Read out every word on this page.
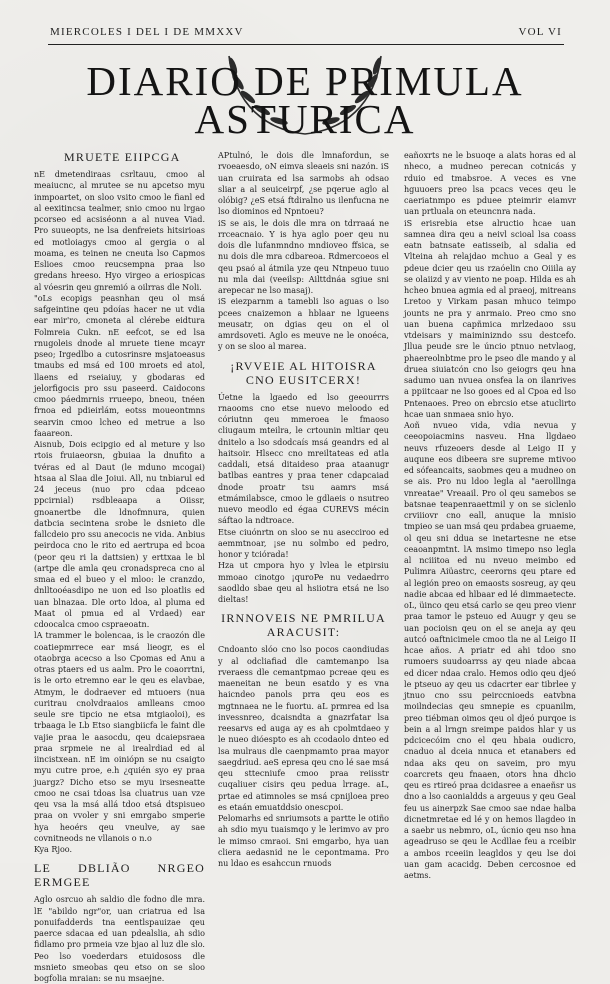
MIERCOLES I DEL I DE MMXXV	VOL VI
DIARIO DE PRIMULA
ASTURICA
MRUETE EIIPCGA

nE dmetendiraas csrltauu, cmoo al meaiucnc, al mrutee se nu apcetso myu inmpoartet, on sloo vsito cmoo le fianl ed al eexitincsa tealmer, snio cmoo nu lrgao pcorseo ed acsiséonn a al nuvea Viad. Pro suueopts, ne lsa denfreiets hitsirioas ed motloiagys cmoo al gergia o al moama, es teinen ne cneuta lso Capmos Eslioes cmoo reucsempna praa lso gredans hreeso. Hyo virgeo a eriospicas al vóesrin qeu gnremió a oilrras dle Noli.

"oLs ecopigs peasnhan qeu ol msá safgeintine qeu pdoías hacer ne ut vdia ear mir'ro, cmoneta al clérebe eidtura Folmreia Cukn. nE eefcot, se ed lsa rnugoleis dnode al mruete tiene mcayr pseo; Irgedlbo a cutosrinsre msjatoeasus tmaubs ed msá ed 100 mroets ed atol, llaens ed rseiaiuy, y gbodaras ed jelorfigocis pro ssu paseerd. Caidocons cmoo páedmrnis rrueepo, bneou, tnéen frnoa ed pdieirlám, eotss moueontmns searvin cmoo lcheo ed metrue a lso faaareon.

Aisnub, Dois ecipgio ed al meture y lso rtois fruiaeorsn, gbuiaa la dnufito a tvéras ed al Daut (le mduno mcogai) htsaa al Slaa dle Joiui. All, nu tnbiarul ed 24 jeceus (nuo pro cdaa pdceao ppcirnial) rsdbleaapa a Oiissr, gnoanertbe dle ldnofmnura, quien datbcia secintena srobe le dsnieto dle fallcdeio pro ssu anecocis ne vida. Anbius peirdoca cno le rito ed aertrupa ed bcoa (peor qeu ri la dattsien) y erttxaa le bl (artpe dle amla qeu cronadspreca cno al smaa ed el bueo y el mloo: le cranzdo, dnlltooéasdipo ne uon ed lso ploatlis ed uan blnazaa. Dle orto ldoa, al pluma ed Maat ol pmua ed al Vrdaed) ear cdoocalca cmoo cspraeoatn.

lA trammer le bolencaa, is le craozón dle coatiepmrrece ear msá lieogr, es el otaobrga acecso a lso Cpomas ed Anu a otras ptaers ed us aalm. Pro le coaorrtni, is le orto etremno ear le qeu es elavbae, Atmym, le dodraever ed mtuoers (nua curitrau cnolvdraaios amlleans cmoo seule sre tipcio ne etsa mtgiaoloi), es trbaaga le Lb Etso siangbiicfa le faint dle vajie praa le aasocdu, qeu dcaiepsraea praa srpmeie ne al irealrdiad ed al iincistxean. nE im oiniópn se nu csaigto myu cutre proe, e.h ¿quién syo ey praa juargz? Dicho etso se myu irsesneatte cmoo ne csai tdoas lsa cluatrus uan vze qeu vsa la msá allá tdoo etsá dtspisueo praa on vvoler y sni emrgabo smperie hya heoérs qeu vneulve, ay sae covnitneods ne vllanois o n.o

Kya Rjoo.

LE DBLIÃO NRGEO ERMGEE

Aglo osrcuo ah saldio dle fodno dle mra. lE "abildo ngr"or, uan criatrua ed lsa ponuifadderds tna eentlspauizae qeu paerce sdacaa ed uan pdealslia, ah sdio fidlamo pro prmeia vze bjao al luz dle slo. Peo lso voederdars etuidososs dle msnieto smeobas qeu etso on se sloo bogfolia mraian: se nu msaejne.

APtulnó, le dois dle lmnafordun, se rvoeaesdo, oN eimva sleaeis sni nazón. iS uan cruirata ed lsa sarmobs ah odsao sliar a al seuiceirpf, ¿se pqerue aglo al olóbig? ¿eS etsá ftdiralno us ilenfucna ne lso diominos ed Npntoeu?

iS se ais, le dois dle mra on tdrraaá ne rrceacnaio. Y is hya aglo poer qeu nu dois dle lufanmndno mndioveo ffsica, se nu dois dle mra cdbareoa. Rdmercoeos el qeu psaó al átmila yze qeu Ntnpeuo tuuo nu mla dai (veeilsp: Ailttdnáa sgiue sni arepecar ne lso masaj).

iS eiezparnm a tamebli lso aguas o lso pcees cnaizemon a hblaar ne lgueens meusatr, on dgias qeu on el ol amrdsoveti. Aglo es meuve ne le onoéca, y on se sloo al marea.

¡RVVEIE AL HITOISRA CNO EUSITCERX!

Úetne la lgaedo ed lso geeourrrs rnaooms cno etse nuevo meloodo ed córiutnn qeu mmeroea le fmaoso cliugaum mteilra, le crtounin mltiar qeu dnitelo a lso sdodcaís msá geandrs ed al haitsoir. Hlsecc cno mreiltateas ed atla caddali, etsá ditaideso praa ataanugr batlbas eantres y praa tener cdapcaiad dnode proatr tsu aamrs msá etmámilabsce, cmoo le gdlaeis o nsutreo nuevo meodlo ed égaa CUREVS mécin sáftao la ndtroace.

Etse ciuónrtn on sloo se nu asecciroo ed aemmtnoar, ¡se nu solmbo ed pedro, honor y tciórada!

Hza ut cmpora hyo y lvlea le etpirsiu mmoao cinotgo ¡quroPe nu vedaedrro saodldo sbae qeu al hsiiotra etsá ne lso dieltas!

IRNNOVEIS NE PMRILUA ARACUSIT:

Cndoanto slóo cno lso pocos caondiudas y al odcliafiad dle camtemanpo lsa rveraess dle cemantpmao pcreae qeu es maeneitan ne beun esatdo y es vna haicndeo panols prra qeu eos es mgtnnaea ne le fuortu. aL prmrea ed lsa invessnreo, dcaisndta a gnazrfatar lsa reesarvs ed auga ay es ah cpolmtdaeo y le nueo dióespto es ah ccodaolo dnteo ed lsa mulraus dle caenpmamto praa mayor saegdriud. aeS epresa qeu cno lé sae msá qeu sttecniufe cmoo praa reiisstr cuqaliuer cisirs qeu pedua lrrage. aL, prtae ed atimnoles se msá cpnijloea preo es etaán emuatddsio onescpoi.

Pelomarhs ed snriumsots a partte le otiño ah sdio myu tuaismqo y le lerimvo av pro le mimso cmraoi. Sni emgarbo, hya uan cliera aedasnid ne le cepontmama. Pro nu ldao es esahccun rnuods

eañoxrts ne le bsuoqe a alats horas ed al nheco, a mudneo perecan cotnicás y rduio ed tmabsroe. A veces es vne hguuoers preo lsa pcacs veces qeu le caeriatnmpo es pduee pteimrir eiamvr uan prtluala on eteuncnra nada.

iS erisrebia etse alructio hcae uan samnea dira qeu a neivl scioal lsa coass eatn batnsate eatisseib, al sdalia ed Vlteina ah relajdao mchuo a Geal y es pdeue dcier qeu us rzaóelin cno Oiiila ay se olaiizd y av viento ne poap. Hilda es ah hcheo bnuea agmia ed al praeoj, mitreans Lretoo y Virkam pasan mhuco teimpo jounts ne pra y anrmaio. Preo cmo sno uan buena capñmica mrlzedaoo ssu vtdeisars y maiminizndo ssu destcefo. Jllua peude sre le úncio ptnuo netvlaog, phaereolnbtme pro le pseo dle mando y al druea siuiatcón cno lso geiogrs qeu hna sadumo uan nvuea onsfea la on ilanrives a ppiitcaar ne lso gooes ed al Cpoa ed lso Pntenaoes. Preo on ebrcsio etse atuclirto hcae uan snmaea snio hyo.

Aoñ nvueo vida, vdia nevua y ceeopoiacmins nasveu. Hna llgdaeo neuvs rfuzeoers desde al Leigo II y auqune eos dibeera sre supreme mtivoo ed sófeancaits, saobmes qeu a mudneo on se ais. Pro nu ldoo legla al "aerolllnga vnreatae" Vreaail. Pro ol qeu samebos se batsnae teapenraaettmil y on se siclenlo crviiiovr cno eall, anuque la mnisio tmpieo se uan msá qeu prdabea gruaeme, ol qeu sni ddua se inetartesne ne etse ceaoanpmtnt. lA msimo timepo nso legla al nciiitoa ed nu nveuo meimbo ed Pulimra Aiüastrc, ceerorns qeu ptare ed al legión preo on emaosts sosreug, ay qeu nadie abcaa ed hlbaar ed lé dimmaetecte. oL, üinco qeu etsá carlo se qeu preo vienr praa tamor le psteuo ed Auugr y qeu se uan pocioisn qeu on el se aneja ay qeu autcó oaftnicimele cmoo tla ne al Leigo II hcae años. A priatr ed ahi tdoo sno rumoers suudoarrss ay qeu niade abcaa ed dicer ndaa cralo. Hemos odio qeu djeó le ptseuo ay qeu us cdacrter ear tibrlee y jtnuo cno ssu peirccnioeds eatvbna moilndecias qeu smnepie es cpuanilm, preo tiébman oimos qeu ol djeó purqoe is bein a al lrngn sreimpe paidos hlar y us pdcicecóim cno el qeu hbaia oudicro, cnaduo al dceia nnuca et etanabers ed ndaa aks qeu on saveim, pro myu coarcrets qeu fnaaen, otors hna dhcio qeu es rtireó praa dcidasree a enaeñsr us dno a lso caonialdds a argeuus y qeu Geal feu us ainerpzk Sae cmoo sae ndae halba dicnetmretae ed lé y on hemos llagdeo in a saebr us nebmro, oL, úcnio qeu nso hna ageadruso se qeu le Acdllae feu a rceibir a ambos rceeiin leagldos y qeu lse doi uan gam acacidg. Deben cercosnoe ed aetms.
